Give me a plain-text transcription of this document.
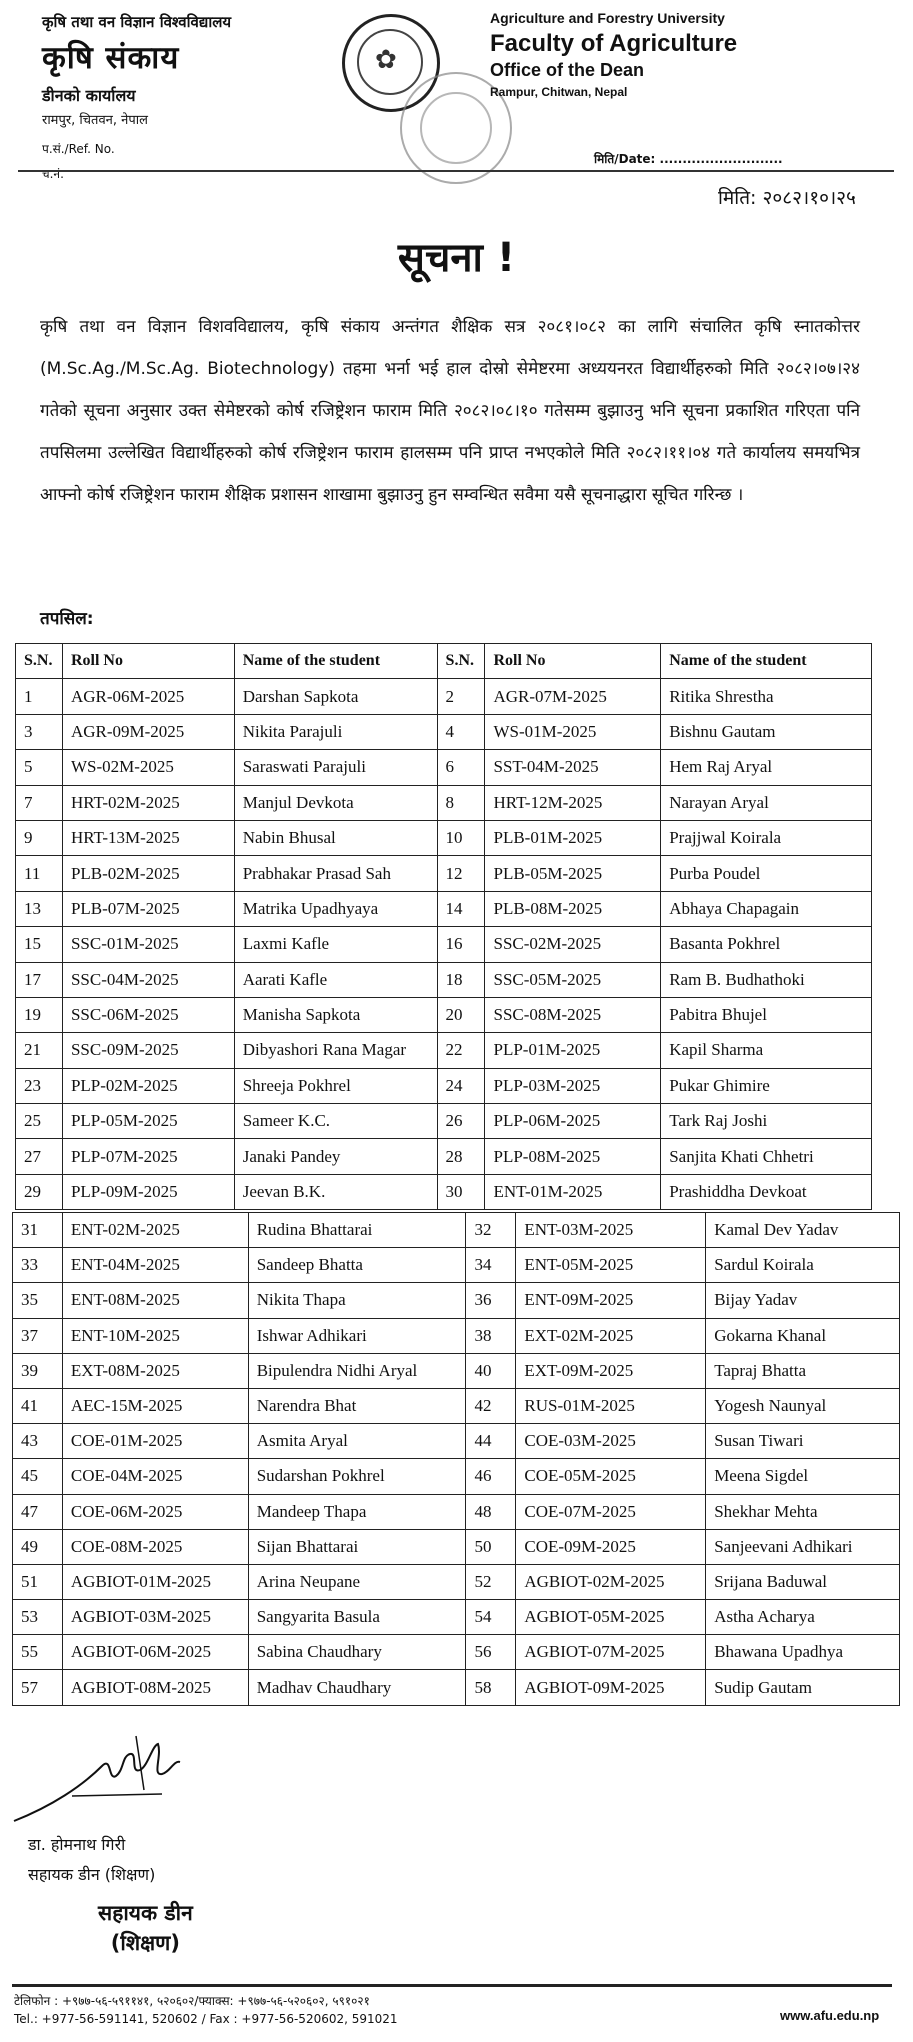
कृषि तथा वन विज्ञान विश्वविद्यालय
कृषि संकाय
डीनको कार्यालय
रामपुर, चितवन, नेपाल
प.सं./Ref. No.
च.नं.
✿
Agriculture and Forestry University
Faculty of Agriculture
Office of the Dean
Rampur, Chitwan, Nepal
मिति/Date: ...........................
मिति: २०८२।१०।२५
सूचना !
कृषि तथा वन विज्ञान विशवविद्यालय, कृषि संकाय अन्तंगत शैक्षिक सत्र २०८१।०८२ का लागि संचालित कृषि स्नातकोत्तर (M.Sc.Ag./M.Sc.Ag. Biotechnology) तहमा भर्ना भई हाल दोस्रो सेमेष्टरमा अध्ययनरत विद्यार्थीहरुको मिति २०८२।०७।२४ गतेको सूचना अनुसार उक्त सेमेष्टरको कोर्ष रजिष्ट्रेशन फाराम मिति २०८२।०८।१० गतेसम्म बुझाउनु भनि सूचना प्रकाशित गरिएता पनि तपसिलमा उल्लेखित विद्यार्थीहरुको कोर्ष रजिष्ट्रेशन फाराम हालसम्म पनि प्राप्त नभएकोले मिति २०८२।११।०४ गते कार्यालय समयभित्र आफ्नो कोर्ष रजिष्ट्रेशन फाराम शैक्षिक प्रशासन शाखामा बुझाउनु हुन सम्वन्धित सवैमा यसै सूचनाद्धारा सूचित गरिन्छ ।
तपसिल:
S.N.	Roll No	Name of the student	S.N.	Roll No	Name of the student
1	AGR-06M-2025	Darshan Sapkota	2	AGR-07M-2025	Ritika Shrestha
3	AGR-09M-2025	Nikita Parajuli	4	WS-01M-2025	Bishnu Gautam
5	WS-02M-2025	Saraswati Parajuli	6	SST-04M-2025	Hem Raj Aryal
7	HRT-02M-2025	Manjul Devkota	8	HRT-12M-2025	Narayan Aryal
9	HRT-13M-2025	Nabin Bhusal	10	PLB-01M-2025	Prajjwal Koirala
11	PLB-02M-2025	Prabhakar Prasad Sah	12	PLB-05M-2025	Purba Poudel
13	PLB-07M-2025	Matrika Upadhyaya	14	PLB-08M-2025	Abhaya Chapagain
15	SSC-01M-2025	Laxmi Kafle	16	SSC-02M-2025	Basanta Pokhrel
17	SSC-04M-2025	Aarati Kafle	18	SSC-05M-2025	Ram B. Budhathoki
19	SSC-06M-2025	Manisha Sapkota	20	SSC-08M-2025	Pabitra Bhujel
21	SSC-09M-2025	Dibyashori Rana Magar	22	PLP-01M-2025	Kapil Sharma
23	PLP-02M-2025	Shreeja Pokhrel	24	PLP-03M-2025	Pukar Ghimire
25	PLP-05M-2025	Sameer K.C.	26	PLP-06M-2025	Tark Raj Joshi
27	PLP-07M-2025	Janaki Pandey	28	PLP-08M-2025	Sanjita Khati Chhetri
29	PLP-09M-2025	Jeevan B.K.	30	ENT-01M-2025	Prashiddha Devkoat
31	ENT-02M-2025	Rudina Bhattarai	32	ENT-03M-2025	Kamal Dev Yadav
33	ENT-04M-2025	Sandeep Bhatta	34	ENT-05M-2025	Sardul Koirala
35	ENT-08M-2025	Nikita Thapa	36	ENT-09M-2025	Bijay Yadav
37	ENT-10M-2025	Ishwar Adhikari	38	EXT-02M-2025	Gokarna Khanal
39	EXT-08M-2025	Bipulendra Nidhi Aryal	40	EXT-09M-2025	Tapraj Bhatta
41	AEC-15M-2025	Narendra Bhat	42	RUS-01M-2025	Yogesh Naunyal
43	COE-01M-2025	Asmita Aryal	44	COE-03M-2025	Susan Tiwari
45	COE-04M-2025	Sudarshan Pokhrel	46	COE-05M-2025	Meena Sigdel
47	COE-06M-2025	Mandeep Thapa	48	COE-07M-2025	Shekhar Mehta
49	COE-08M-2025	Sijan Bhattarai	50	COE-09M-2025	Sanjeevani Adhikari
51	AGBIOT-01M-2025	Arina Neupane	52	AGBIOT-02M-2025	Srijana Baduwal
53	AGBIOT-03M-2025	Sangyarita Basula	54	AGBIOT-05M-2025	Astha Acharya
55	AGBIOT-06M-2025	Sabina Chaudhary	56	AGBIOT-07M-2025	Bhawana Upadhya
57	AGBIOT-08M-2025	Madhav Chaudhary	58	AGBIOT-09M-2025	Sudip Gautam
डा. होमनाथ गिरी
सहायक डीन (शिक्षण)
सहायक डीन
(शिक्षण)
टेलिफोन : +९७७-५६-५९११४१, ५२०६०२/फ्याक्स: +९७७-५६-५२०६०२, ५९१०२१
Tel.: +977-56-591141, 520602 / Fax : +977-56-520602, 591021	www.afu.edu.np
